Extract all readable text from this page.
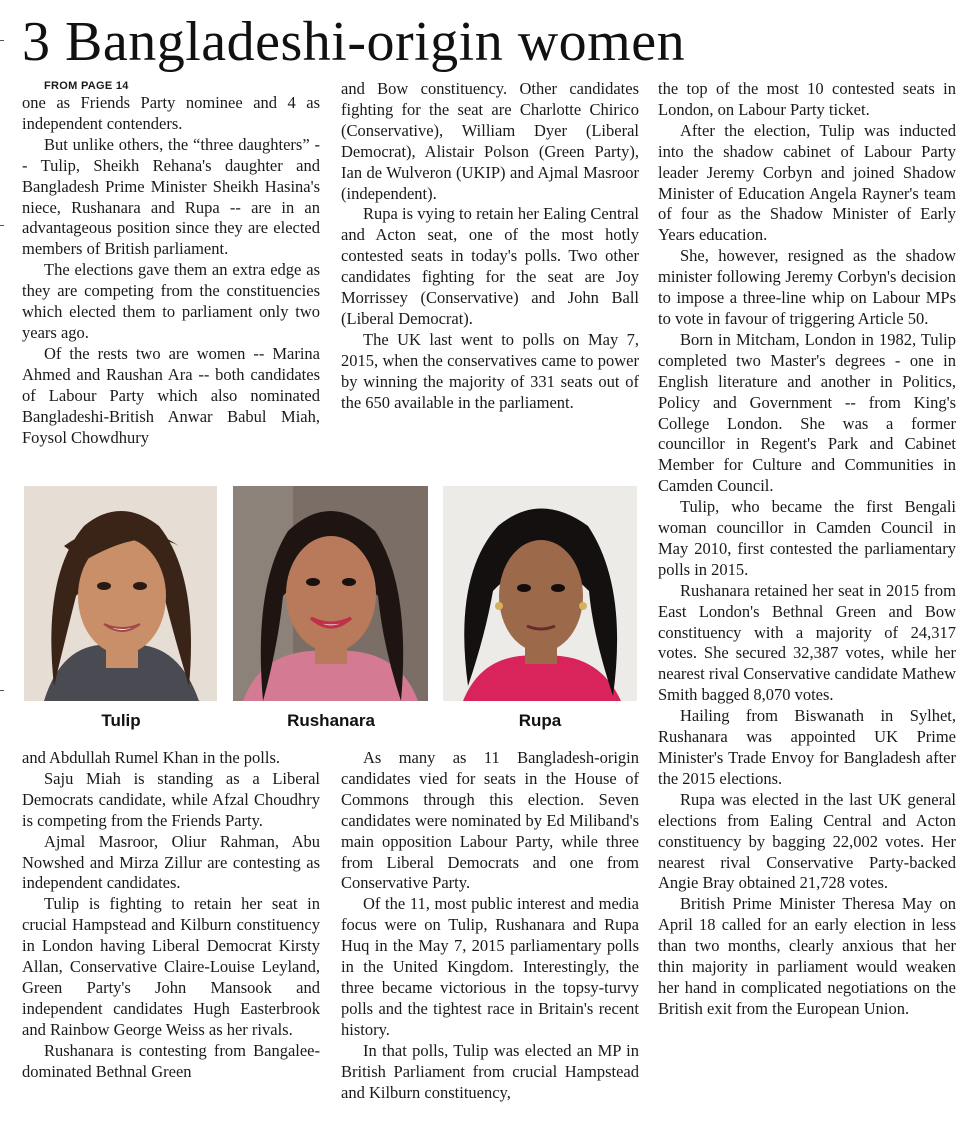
3 Bangladeshi-origin women

FROM PAGE 14

one as Friends Party nominee and 4 as independent contenders.

But unlike others, the “three daughters” -- Tulip, Sheikh Rehana's daughter and Bangladesh Prime Minister Sheikh Hasina's niece, Rushanara and Rupa -- are in an advantageous position since they are elected members of British parliament.

The elections gave them an extra edge as they are competing from the constituencies which elected them to parliament only two years ago.

Of the rests two are women -- Marina Ahmed and Raushan Ara -- both candidates of Labour Party which also nominated Bangladeshi-British Anwar Babul Miah, Foysol Chowdhury

and Bow constituency. Other candidates fighting for the seat are Charlotte Chirico (Conservative), William Dyer (Liberal Democrat), Alistair Polson (Green Party), Ian de Wulveron (UKIP) and Ajmal Masroor (independent).

Rupa is vying to retain her Ealing Central and Acton seat, one of the most hotly contested seats in today's polls. Two other candidates fighting for the seat are Joy Morrissey (Conservative) and John Ball (Liberal Democrat).

The UK last went to polls on May 7, 2015, when the conservatives came to power by winning the majority of 331 seats out of the 650 available in the parliament.

the top of the most 10 contested seats in London, on Labour Party ticket.

After the election, Tulip was inducted into the shadow cabinet of Labour Party leader Jeremy Corbyn and joined Shadow Minister of Education Angela Rayner's team of four as the Shadow Minister of Early Years education.

She, however, resigned as the shadow minister following Jeremy Corbyn's decision to impose a three-line whip on Labour MPs to vote in favour of triggering Article 50.

Born in Mitcham, London in 1982, Tulip completed two Master's degrees - one in English literature and another in Politics, Policy and Government -- from King's College London. She was a former councillor in Regent's Park and Cabinet Member for Culture and Communities in Camden Council.

Tulip, who became the first Bengali woman councillor in Camden Council in May 2010, first contested the parliamentary polls in 2015.

Rushanara retained her seat in 2015 from East London's Bethnal Green and Bow constituency with a majority of 24,317 votes. She secured 32,387 votes, while her nearest rival Conservative candidate Mathew Smith bagged 8,070 votes.

Hailing from Biswanath in Sylhet, Rushanara was appointed UK Prime Minister's Trade Envoy for Bangladesh after the 2015 elections.

Rupa was elected in the last UK general elections from Ealing Central and Acton constituency by bagging 22,002 votes. Her nearest rival Conservative Party-backed Angie Bray obtained 21,728 votes.

British Prime Minister Theresa May on April 18 called for an early election in less than two months, clearly anxious that her thin majority in parliament would weaken her hand in complicated negotiations on the British exit from the European Union.

Tulip	Rushanara	Rupa

and Abdullah Rumel Khan in the polls.

Saju Miah is standing as a Liberal Democrats candidate, while Afzal Choudhry is competing from the Friends Party.

Ajmal Masroor, Oliur Rahman, Abu Nowshed and Mirza Zillur are contesting as independent candidates.

Tulip is fighting to retain her seat in crucial Hampstead and Kilburn constituency in London having Liberal Democrat Kirsty Allan, Conservative Claire-Louise Leyland, Green Party's John Mansook and independent candidates Hugh Easterbrook and Rainbow George Weiss as her rivals.

Rushanara is contesting from Bangalee-dominated Bethnal Green

As many as 11 Bangladesh-origin candidates vied for seats in the House of Commons through this election. Seven candidates were nominated by Ed Miliband's main opposition Labour Party, while three from Liberal Democrats and one from Conservative Party.

Of the 11, most public interest and media focus were on Tulip, Rushanara and Rupa Huq in the May 7, 2015 parliamentary polls in the United Kingdom. Interestingly, the three became victorious in the topsy-turvy polls and the tightest race in Britain's recent history.

In that polls, Tulip was elected an MP in British Parliament from crucial Hampstead and Kilburn constituency,
